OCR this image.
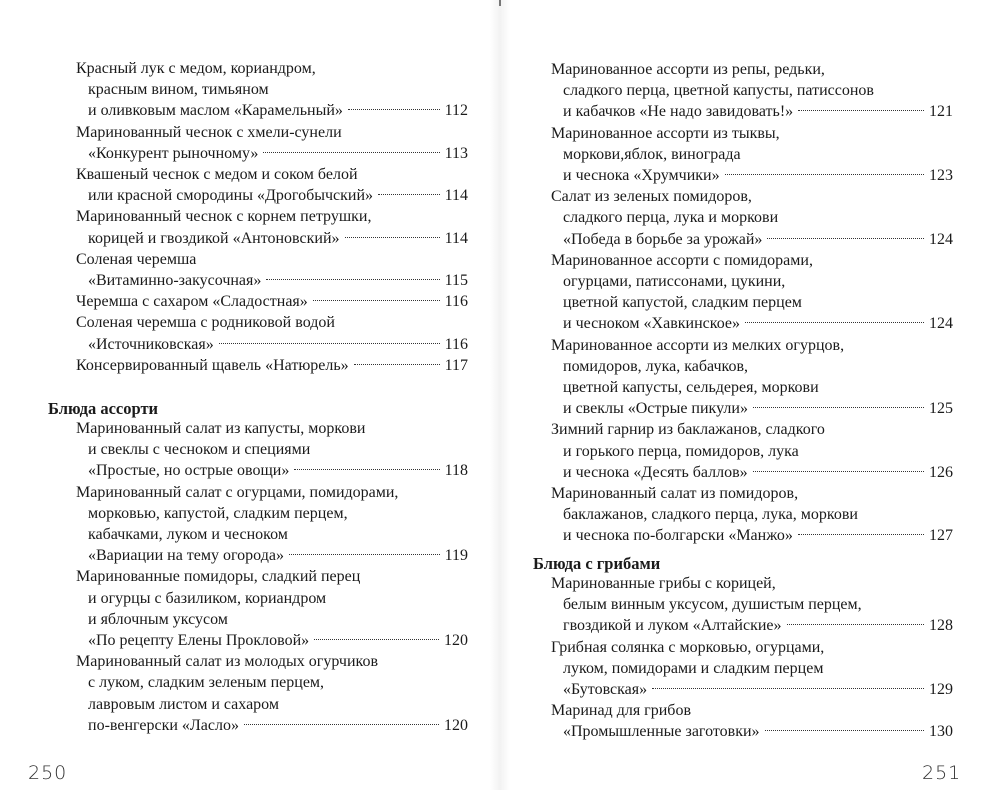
Красный лук с медом, кориандром,
красным вином, тимьяном
и оливковым маслом «Карамельный»	112
Маринованный чеснок с хмели-сунели
«Конкурент рыночному»	113
Квашеный чеснок с медом и соком белой
или красной смородины «Дрогобычский»	114
Маринованный чеснок с корнем петрушки,
корицей и гвоздикой «Антоновский»	114
Соленая черемша
«Витаминно-закусочная»	115
Черемша с сахаром «Сладостная»	116
Соленая черемша с родниковой водой
«Источниковская»	116
Консервированный щавель «Натюрель»	117
Блюда ассорти
Маринованный салат из капусты, моркови
и свеклы с чесноком и специями
«Простые, но острые овощи»	118
Маринованный салат с огурцами, помидорами,
морковью, капустой, сладким перцем,
кабачками, луком и чесноком
«Вариации на тему огорода»	119
Маринованные помидоры, сладкий перец
и огурцы с базиликом, кориандром
и яблочным уксусом
«По рецепту Елены Прокловой»	120
Маринованный салат из молодых огурчиков
с луком, сладким зеленым перцем,
лавровым листом и сахаром
по-венгерски «Ласло»	120
Маринованное ассорти из репы, редьки,
сладкого перца, цветной капусты, патиссонов
и кабачков «Не надо завидовать!»	121
Маринованное ассорти из тыквы,
моркови,яблок, винограда
и чеснока «Хрумчики»	123
Салат из зеленых помидоров,
сладкого перца, лука и моркови
«Победа в борьбе за урожай»	124
Маринованное ассорти с помидорами,
огурцами, патиссонами, цукини,
цветной капустой, сладким перцем
и чесноком «Хавкинское»	124
Маринованное ассорти из мелких огурцов,
помидоров, лука, кабачков,
цветной капусты, сельдерея, моркови
и свеклы «Острые пикули»	125
Зимний гарнир из баклажанов, сладкого
и горького перца, помидоров, лука
и чеснока «Десять баллов»	126
Маринованный салат из помидоров,
баклажанов, сладкого перца, лука, моркови
и чеснока по-болгарски «Манжо»	127
Блюда с грибами
Маринованные грибы с корицей,
белым винным уксусом, душистым перцем,
гвоздикой и луком «Алтайские»	128
Грибная солянка с морковью, огурцами,
луком, помидорами и сладким перцем
«Бутовская»	129
Маринад для грибов
«Промышленные заготовки»	130
250	251
